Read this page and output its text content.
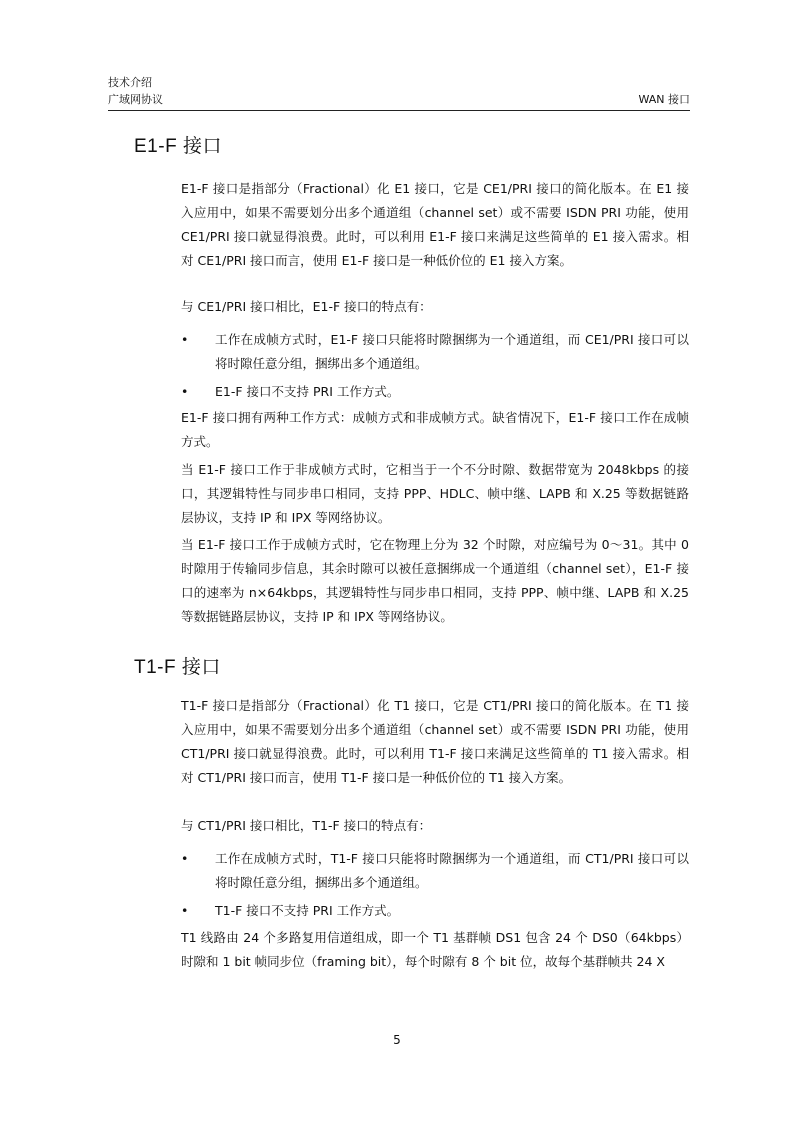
技术介绍
广域网协议	WAN 接口
E1-F 接口

E1-F 接口是指部分（Fractional）化 E1 接口，它是 CE1/PRI 接口的简化版本。在 E1 接入应用中，如果不需要划分出多个通道组（channel set）或不需要 ISDN PRI 功能，使用 CE1/PRI 接口就显得浪费。此时，可以利用 E1-F 接口来满足这些简单的 E1 接入需求。相对 CE1/PRI 接口而言，使用 E1-F 接口是一种低价位的 E1 接入方案。

与 CE1/PRI 接口相比，E1-F 接口的特点有：

• 工作在成帧方式时，E1-F 接口只能将时隙捆绑为一个通道组，而 CE1/PRI 接口可以将时隙任意分组，捆绑出多个通道组。
• E1-F 接口不支持 PRI 工作方式。

E1-F 接口拥有两种工作方式：成帧方式和非成帧方式。缺省情况下，E1-F 接口工作在成帧方式。

当 E1-F 接口工作于非成帧方式时，它相当于一个不分时隙、数据带宽为 2048kbps 的接口，其逻辑特性与同步串口相同，支持 PPP、HDLC、帧中继、LAPB 和 X.25 等数据链路层协议，支持 IP 和 IPX 等网络协议。

当 E1-F 接口工作于成帧方式时，它在物理上分为 32 个时隙，对应编号为 0～31。其中 0 时隙用于传输同步信息，其余时隙可以被任意捆绑成一个通道组（channel set），E1-F 接口的速率为 n×64kbps，其逻辑特性与同步串口相同，支持 PPP、帧中继、LAPB 和 X.25 等数据链路层协议，支持 IP 和 IPX 等网络协议。

T1-F 接口

T1-F 接口是指部分（Fractional）化 T1 接口，它是 CT1/PRI 接口的简化版本。在 T1 接入应用中，如果不需要划分出多个通道组（channel set）或不需要 ISDN PRI 功能，使用 CT1/PRI 接口就显得浪费。此时，可以利用 T1-F 接口来满足这些简单的 T1 接入需求。相对 CT1/PRI 接口而言，使用 T1-F 接口是一种低价位的 T1 接入方案。

与 CT1/PRI 接口相比，T1-F 接口的特点有：

• 工作在成帧方式时，T1-F 接口只能将时隙捆绑为一个通道组，而 CT1/PRI 接口可以将时隙任意分组，捆绑出多个通道组。
• T1-F 接口不支持 PRI 工作方式。

T1 线路由 24 个多路复用信道组成，即一个 T1 基群帧 DS1 包含 24 个 DS0（64kbps）时隙和 1 bit 帧同步位（framing bit），每个时隙有 8 个 bit 位，故每个基群帧共 24 X

5
